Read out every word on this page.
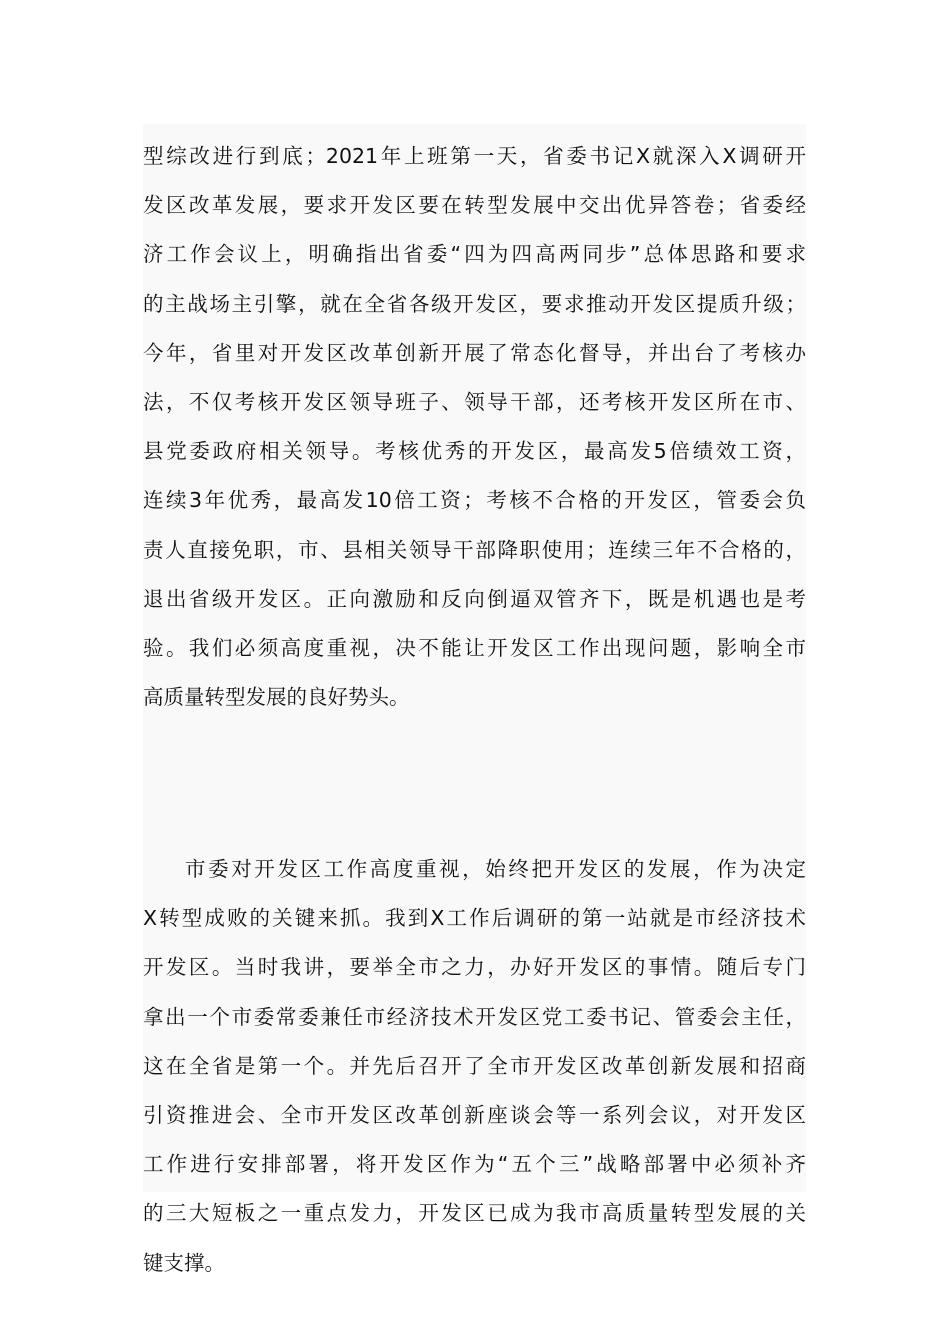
型综改进行到底；2021年上班第一天，省委书记X就深入X调研开
发区改革发展，要求开发区要在转型发展中交出优异答卷；省委经
济工作会议上，明确指出省委“四为四高两同步”总体思路和要求
的主战场主引擎，就在全省各级开发区，要求推动开发区提质升级；
今年，省里对开发区改革创新开展了常态化督导，并出台了考核办
法，不仅考核开发区领导班子、领导干部，还考核开发区所在市、
县党委政府相关领导。考核优秀的开发区，最高发5倍绩效工资，
连续3年优秀，最高发10倍工资；考核不合格的开发区，管委会负
责人直接免职，市、县相关领导干部降职使用；连续三年不合格的，
退出省级开发区。正向激励和反向倒逼双管齐下，既是机遇也是考
验。我们必须高度重视，决不能让开发区工作出现问题，影响全市
高质量转型发展的良好势头。
市委对开发区工作高度重视，始终把开发区的发展，作为决定
X转型成败的关键来抓。我到X工作后调研的第一站就是市经济技术
开发区。当时我讲，要举全市之力，办好开发区的事情。随后专门
拿出一个市委常委兼任市经济技术开发区党工委书记、管委会主任，
这在全省是第一个。并先后召开了全市开发区改革创新发展和招商
引资推进会、全市开发区改革创新座谈会等一系列会议，对开发区
工作进行安排部署，将开发区作为“五个三”战略部署中必须补齐
的三大短板之一重点发力，开发区已成为我市高质量转型发展的关
键支撑。
